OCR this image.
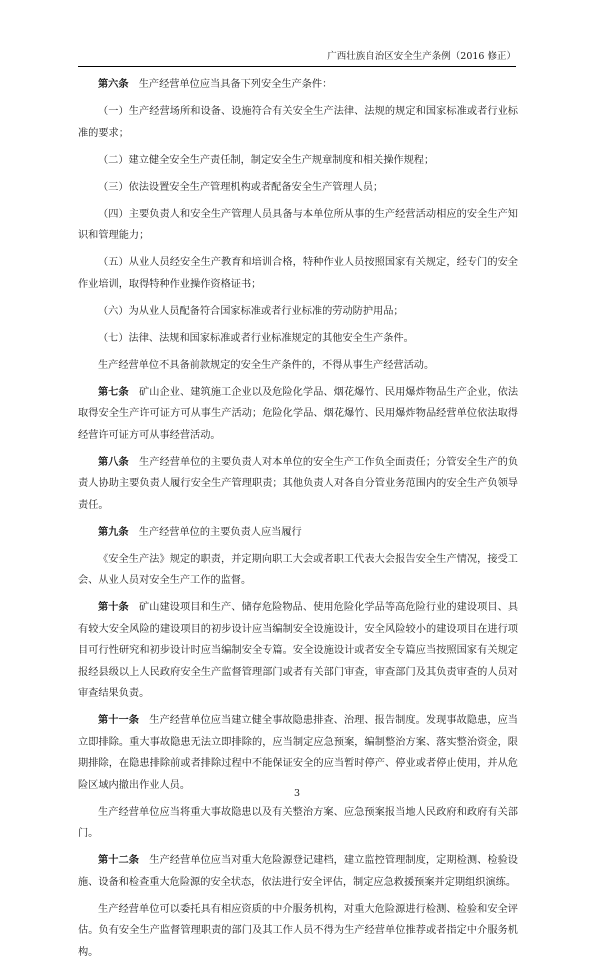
广西壮族自治区安全生产条例（2016 修正）

第六条　生产经营单位应当具备下列安全生产条件：

（一）生产经营场所和设备、设施符合有关安全生产法律、法规的规定和国家标准或者行业标准的要求；

（二）建立健全安全生产责任制，制定安全生产规章制度和相关操作规程；

（三）依法设置安全生产管理机构或者配备安全生产管理人员；

（四）主要负责人和安全生产管理人员具备与本单位所从事的生产经营活动相应的安全生产知识和管理能力；

（五）从业人员经安全生产教育和培训合格，特种作业人员按照国家有关规定，经专门的安全作业培训，取得特种作业操作资格证书；

（六）为从业人员配备符合国家标准或者行业标准的劳动防护用品；

（七）法律、法规和国家标准或者行业标准规定的其他安全生产条件。

生产经营单位不具备前款规定的安全生产条件的，不得从事生产经营活动。

第七条　矿山企业、建筑施工企业以及危险化学品、烟花爆竹、民用爆炸物品生产企业，依法取得安全生产许可证方可从事生产活动；危险化学品、烟花爆竹、民用爆炸物品经营单位依法取得经营许可证方可从事经营活动。

第八条　生产经营单位的主要负责人对本单位的安全生产工作负全面责任；分管安全生产的负责人协助主要负责人履行安全生产管理职责；其他负责人对各自分管业务范围内的安全生产负领导责任。

第九条　生产经营单位的主要负责人应当履行

《安全生产法》规定的职责，并定期向职工大会或者职工代表大会报告安全生产情况，接受工会、从业人员对安全生产工作的监督。

第十条　矿山建设项目和生产、储存危险物品、使用危险化学品等高危险行业的建设项目、具有较大安全风险的建设项目的初步设计应当编制安全设施设计，安全风险较小的建设项目在进行项目可行性研究和初步设计时应当编制安全专篇。安全设施设计或者安全专篇应当按照国家有关规定报经县级以上人民政府安全生产监督管理部门或者有关部门审查，审查部门及其负责审查的人员对审查结果负责。

第十一条　生产经营单位应当建立健全事故隐患排查、治理、报告制度。发现事故隐患，应当立即排除。重大事故隐患无法立即排除的，应当制定应急预案，编制整治方案、落实整治资金，限期排除，在隐患排除前或者排除过程中不能保证安全的应当暂时停产、停业或者停止使用，并从危险区域内撤出作业人员。

生产经营单位应当将重大事故隐患以及有关整治方案、应急预案报当地人民政府和政府有关部门。

第十二条　生产经营单位应当对重大危险源登记建档，建立监控管理制度，定期检测、检验设施、设备和检查重大危险源的安全状态，依法进行安全评估，制定应急救援预案并定期组织演练。

生产经营单位可以委托具有相应资质的中介服务机构，对重大危险源进行检测、检验和安全评估。负有安全生产监督管理职责的部门及其工作人员不得为生产经营单位推荐或者指定中介服务机构。

3
